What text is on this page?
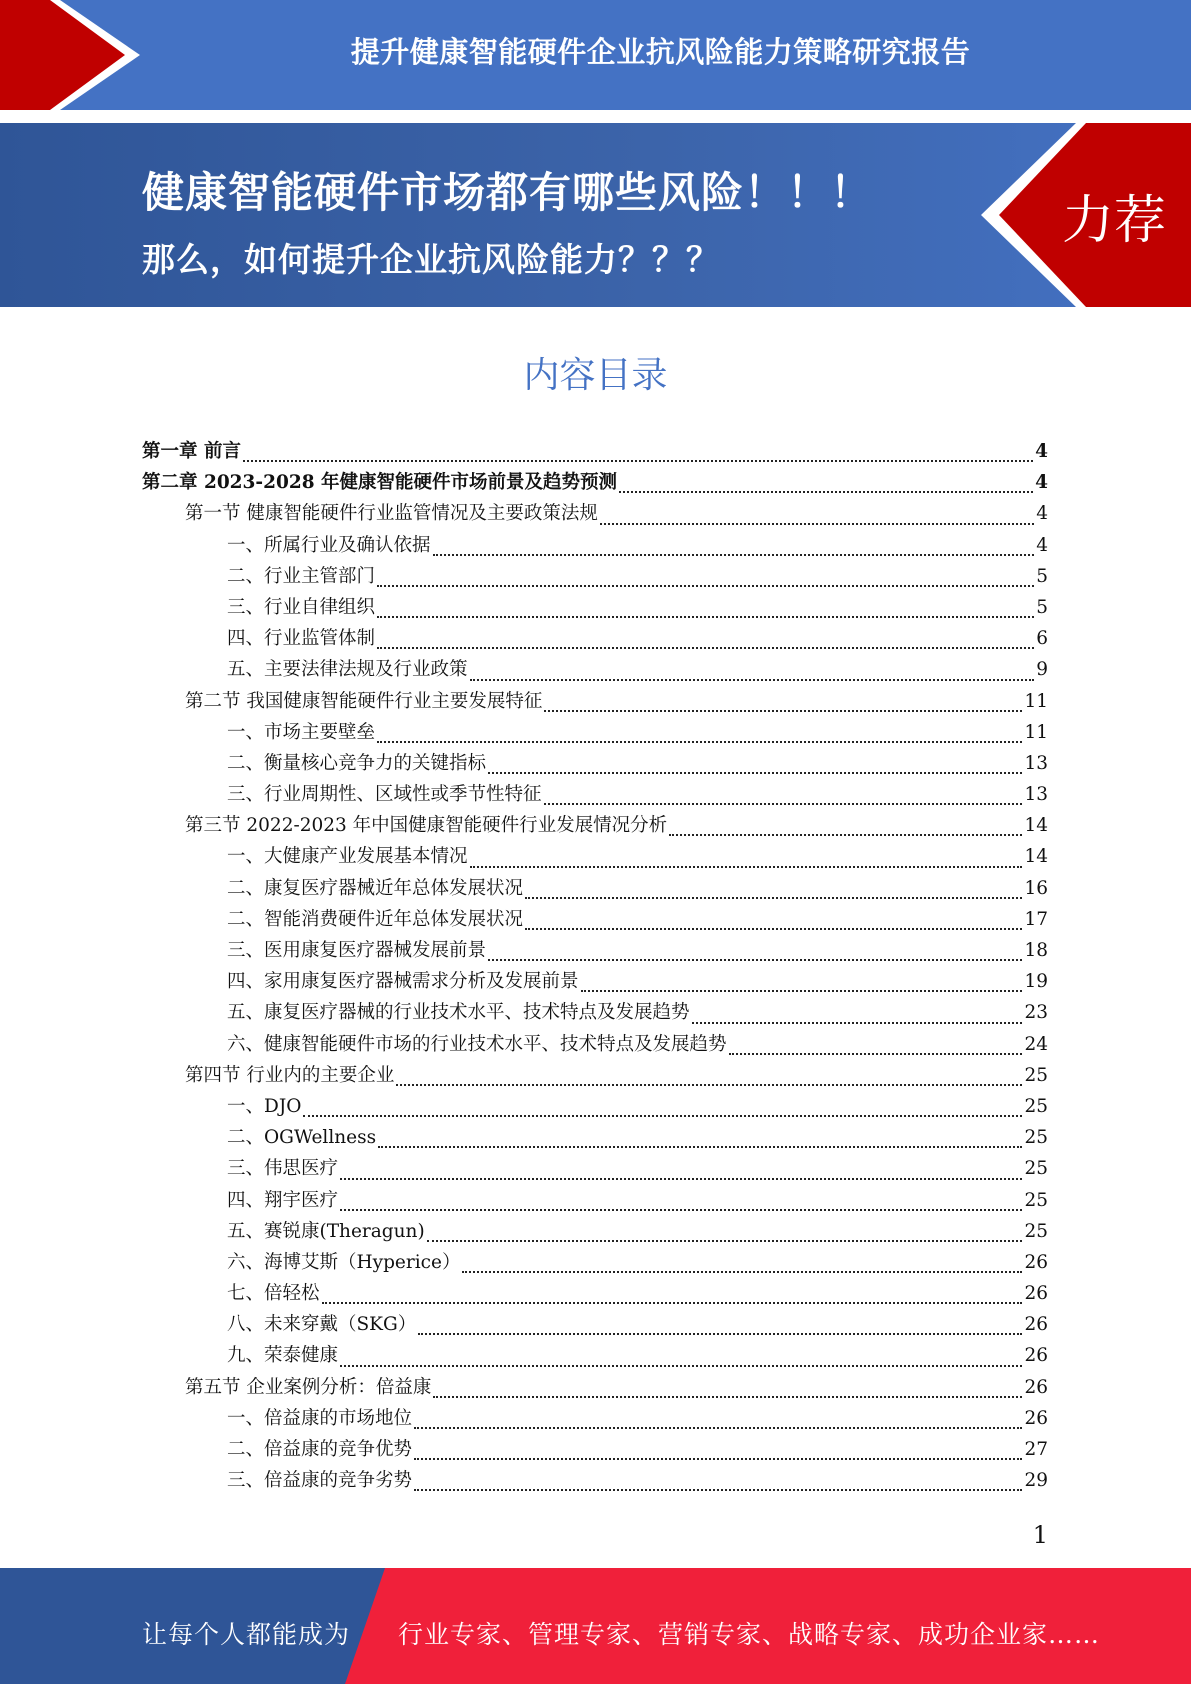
提升健康智能硬件企业抗风险能力策略研究报告
健康智能硬件市场都有哪些风险！！！
那么，如何提升企业抗风险能力？？？
力荐
内容目录
第一章 前言	4
第二章 2023-2028 年健康智能硬件市场前景及趋势预测	4
第一节 健康智能硬件行业监管情况及主要政策法规	4
一、所属行业及确认依据	4
二、行业主管部门	5
三、行业自律组织	5
四、行业监管体制	6
五、主要法律法规及行业政策	9
第二节 我国健康智能硬件行业主要发展特征	11
一、市场主要壁垒	11
二、衡量核心竞争力的关键指标	13
三、行业周期性、区域性或季节性特征	13
第三节 2022-2023 年中国健康智能硬件行业发展情况分析	14
一、大健康产业发展基本情况	14
二、康复医疗器械近年总体发展状况	16
二、智能消费硬件近年总体发展状况	17
三、医用康复医疗器械发展前景	18
四、家用康复医疗器械需求分析及发展前景	19
五、康复医疗器械的行业技术水平、技术特点及发展趋势	23
六、健康智能硬件市场的行业技术水平、技术特点及发展趋势	24
第四节 行业内的主要企业	25
一、DJO	25
二、OGWellness	25
三、伟思医疗	25
四、翔宇医疗	25
五、赛锐康(Theragun)	25
六、海博艾斯（Hyperice）	26
七、倍轻松	26
八、未来穿戴（SKG）	26
九、荣泰健康	26
第五节 企业案例分析：倍益康	26
一、倍益康的市场地位	26
二、倍益康的竞争优势	27
三、倍益康的竞争劣势	29
1
让每个人都能成为 行业专家、管理专家、营销专家、战略专家、成功企业家……
